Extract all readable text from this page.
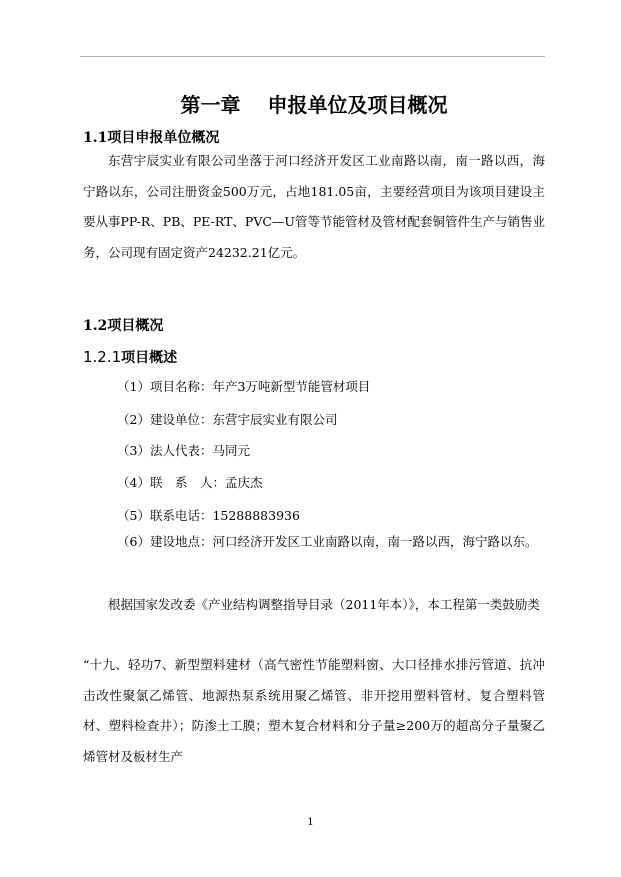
第一章　 申报单位及项目概况
1.1项目申报单位概况
东营宇辰实业有限公司坐落于河口经济开发区工业南路以南，南一路以西，海宁路以东，公司注册资金500万元，占地181.05亩，主要经营项目为该项目建设主要从事PP-R、PB、PE-RT、PVC—U管等节能管材及管材配套铜管件生产与销售业务，公司现有固定资产24232.21亿元。
1.2项目概况
1.2.1项目概述
（1）项目名称：年产3万吨新型节能管材项目
（2）建设单位：东营宇辰实业有限公司
（3）法人代表：马同元
（4）联　系　人：孟庆杰
（5）联系电话：15288883936
（6）建设地点：河口经济开发区工业南路以南，南一路以西，海宁路以东。
根据国家发改委《产业结构调整指导目录（2011年本）》，本工程第一类鼓励类
“十九、轻功7、新型塑料建材（高气密性节能塑料窗、大口径排水排污管道、抗冲击改性聚氯乙烯管、地源热泵系统用聚乙烯管、非开挖用塑料管材、复合塑料管材、塑料检查井）；防渗土工膜；塑木复合材料和分子量≥200万的超高分子量聚乙烯管材及板材生产
1
